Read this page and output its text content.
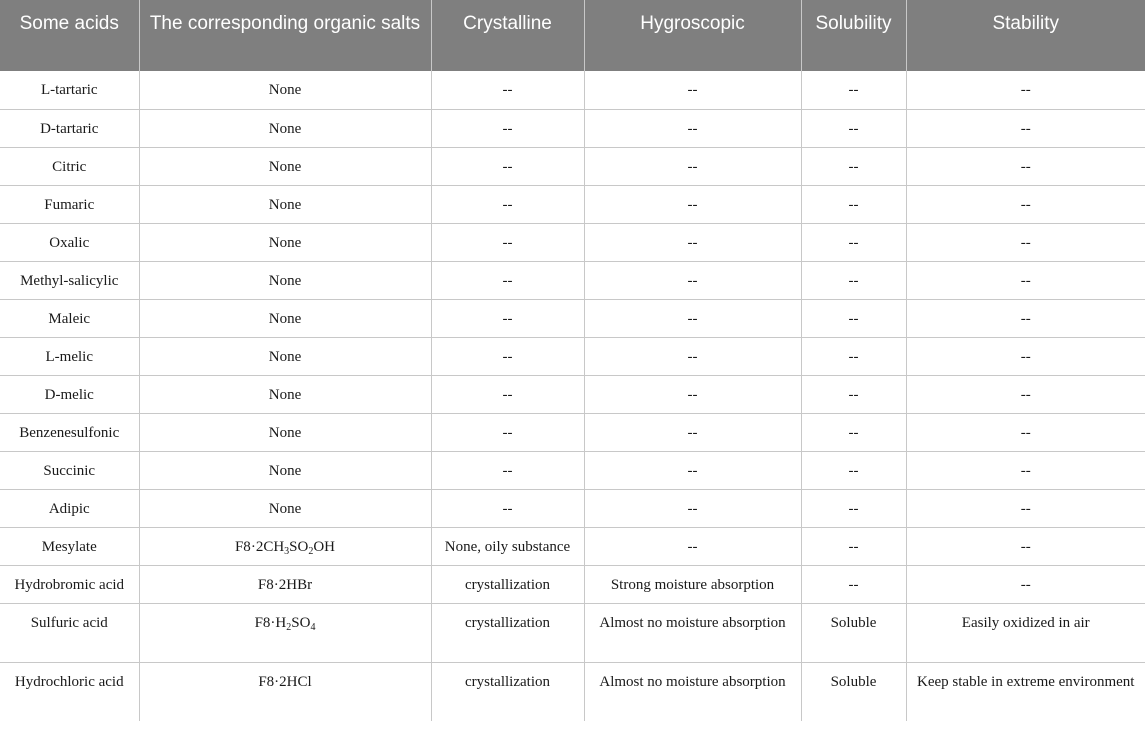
Some acids	The corresponding organic salts	Crystalline	Hygroscopic	Solubility	Stability
L-tartaric	None	--	--	--	--
D-tartaric	None	--	--	--	--
Citric	None	--	--	--	--
Fumaric	None	--	--	--	--
Oxalic	None	--	--	--	--
Methyl-salicylic	None	--	--	--	--
Maleic	None	--	--	--	--
L-melic	None	--	--	--	--
D-melic	None	--	--	--	--
Benzenesulfonic	None	--	--	--	--
Succinic	None	--	--	--	--
Adipic	None	--	--	--	--
Mesylate	$F8\cdot 2CH_3SO_2OH$	None, oily substance	--	--	--
Hydrobromic acid	F8·2HBr	crystallization	Strong moisture absorption	--	--
Sulfuric acid	$F8\cdot H_2SO_4$	crystallization	Almost no moisture absorption	Soluble	Easily oxidized in air
Hydrochloric acid	F8·2HCl	crystallization	Almost no moisture absorption	Soluble	Keep stable in extreme environment
